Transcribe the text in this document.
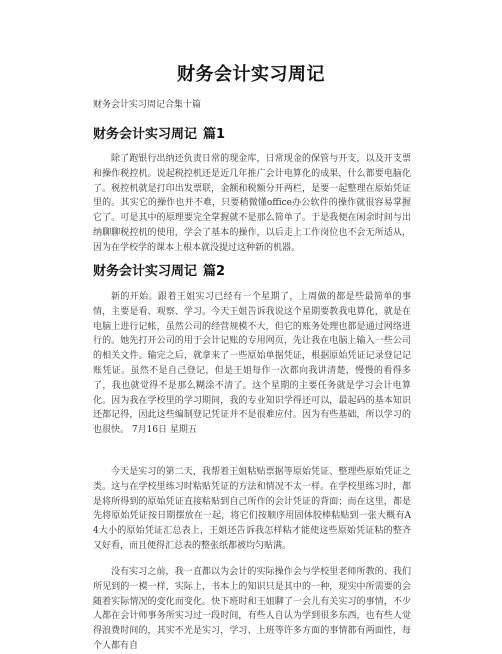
财务会计实习周记
财务会计实习周记合集十篇
财务会计实习周记 篇1

除了跑银行出纳还负责日常的现金库，日常现金的保管与开支，以及开支票和操作税控机。说起税控机还是近几年推广会计电算化的成果，什么都要电脑化了。税控机就是打印出发票联，金额和税额分开两栏，是要一起整理在原始凭证里的。其实它的操作也并不难，只要稍微懂office办公软件的操作就很容易掌握它了。可是其中的原理要完全掌握就不是那么简单了。于是我便在闲余时间与出纳聊聊税控机的使用，学会了基本的操作，以后走上工作岗位也不会无所适从，因为在学校学的课本上根本就没提过这种新的机器。

财务会计实习周记 篇2

新的开始。跟着王姐实习已经有一个星期了，上周做的都是些最简单的事情，主要是看、观察、学习。今天王姐告诉我说这个星期要教我电算化，就是在电脑上进行记帐，虽然公司的经营规模不大，但它的账务处理也都是通过网络进行的。她先打开公司的用于会计记账的专用网页，先让我在电脑上输入一些公司的相关文件。输完之后，就拿来了一些原始单据凭证，根据原始凭证记录登记记账凭证。虽然不是自己登记，但是王姐每作一次都向我讲清楚，慢慢的看得多了，我也就觉得不是那么糊涂不清了。这个星期的主要任务就是学习会计电算化。因为我在学校里的学习期间，我的专业知识学得还可以，最起码的基本知识还都记得，因此这些编制登记凭证并不是很难应付。因为有些基础，所以学习的也很快。 7月16日 星期五

今天是实习的第二天，我帮着王姐粘贴票据等原始凭证、整理些原始凭证之类。这与在学校里练习时粘贴凭证的方法和情况不太一样。在学校里练习时，都是将所得到的原始凭证直接粘贴到自己所作的会计凭证的背面；而在这里，都是先将原始凭证按日期摆放在一起，将它们按顺序用固体胶棒粘贴到一张大概有A4大小的原始凭证汇总表上，王姐还告诉我怎样粘才能使这些原始凭证粘的整齐又好看，而且便得汇总表的整张纸都被均匀贴满。

没有实习之前，我一直都以为会计的实际操作会与学校里老师所教的、我们所见到的一模一样，实际上，书本上的知识只是其中的一种，现实中所需要的会随着实际情况的变化而变化。快下班时和王姐聊了一会儿有关实习的事情，不少人都在会计师事务所实习过一段时间，有些人自认为学到很多东西，也有些人觉得浪费时间的，其实不光是实习，学习、上班等许多方面的事情都有两面性，每个人都有自
